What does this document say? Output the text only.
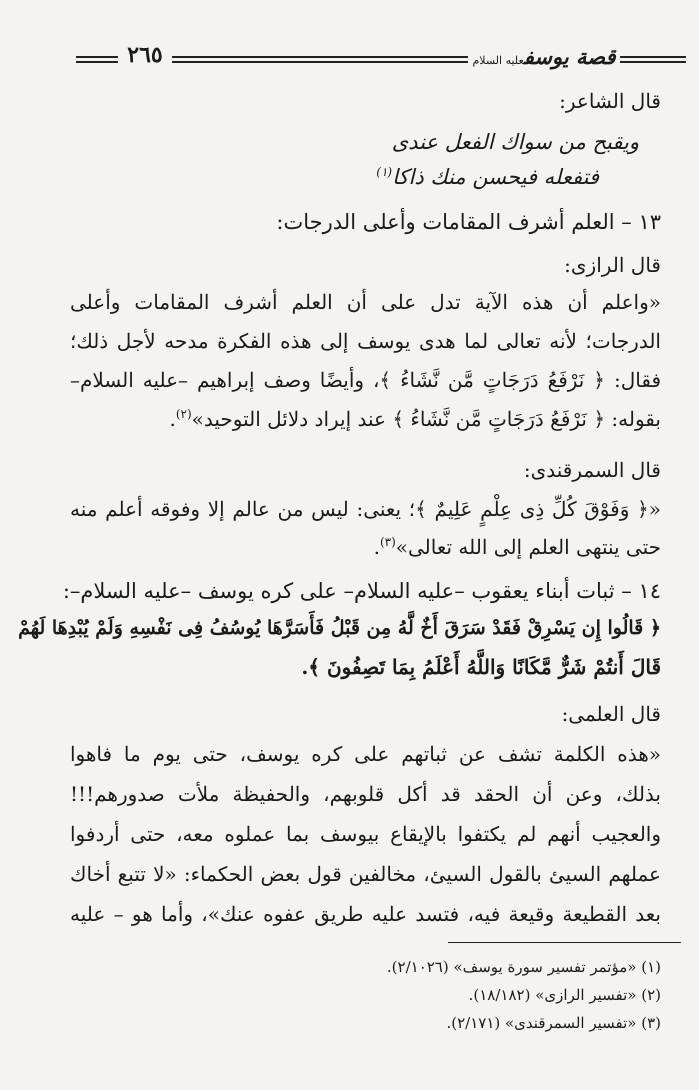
٢٦٥	قصة يوسفعليه السلام
قال الشاعر:
ويقبح من سواك الفعل عندى
فتفعله فيحسن منك ذاكا$^{(١)}$
١٣ – العلم أشرف المقامات وأعلى الدرجات:
قال الرازى:
«واعلم أن هذه الآية تدل على أن العلم أشرف المقامات وأعلى
الدرجات؛ لأنه تعالى لما هدى يوسف إلى هذه الفكرة مدحه لأجل ذلك؛
فقال: ﴿ نَرْفَعُ دَرَجَاتٍ مَّن نَّشَاءُ ﴾، وأيضًا وصف إبراهيم –عليه السلام–
بقوله: ﴿ نَرْفَعُ دَرَجَاتٍ مَّن نَّشَاءُ ﴾ عند إيراد دلائل التوحيد»$^{(٢)}$.
قال السمرقندى:
«﴿ وَفَوْقَ كُلِّ ذِى عِلْمٍ عَلِيمٌ ﴾؛ يعنى: ليس من عالم إلا وفوقه أعلم منه
حتى ينتهى العلم إلى الله تعالى»$^{(٣)}$.
١٤ – ثبات أبناء يعقوب –عليه السلام– على كره يوسف –عليه السلام–:
﴿ قَالُوا إِن يَسْرِقْ فَقَدْ سَرَقَ أَخٌ لَّهُ مِن قَبْلُ فَأَسَرَّهَا يُوسُفُ فِى نَفْسِهِ وَلَمْ يُبْدِهَا لَهُمْ
قَالَ أَنتُمْ شَرٌّ مَّكَانًا وَاللَّهُ أَعْلَمُ بِمَا تَصِفُونَ ﴾.
قال العلمى:
«هذه الكلمة تشف عن ثباتهم على كره يوسف، حتى يوم ما فاهوا
بذلك، وعن أن الحقد قد أكل قلوبهم، والحفيظة ملأت صدورهم!!!
والعجيب أنهم لم يكتفوا بالإيقاع بيوسف بما عملوه معه، حتى أردفوا
عملهم السيئ بالقول السيئ، مخالفين قول بعض الحكماء: «لا تتبع أخاك
بعد القطيعة وقيعة فيه، فتسد عليه طريق عفوه عنك»، وأما هو – عليه
(١) «مؤتمر تفسير سورة يوسف» (٢/١٠٢٦).
(٢) «تفسير الرازى» (١٨/١٨٢).
(٣) «تفسير السمرقندى» (٢/١٧١).
